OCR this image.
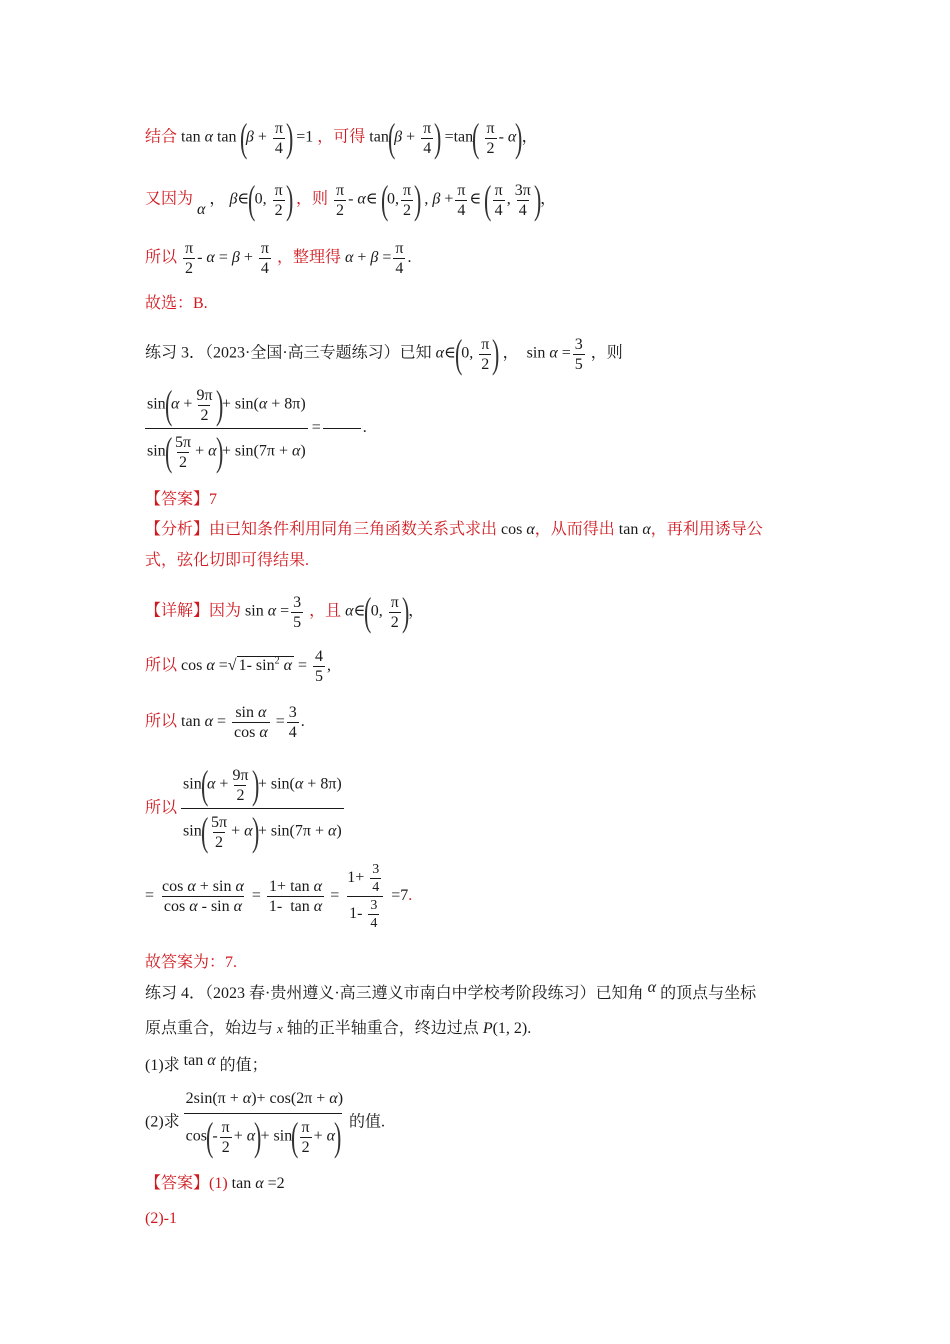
结合 tan α $\tan (\beta + \frac{\pi}{4}$ ) =1 ，可得 $\tan(\beta + \frac{\pi}{4}$ ) $=\tan( \frac{\pi}{2} - \alpha)$，
又因为 α ， β∈(0, $\frac{\pi}{2}$ ) ，则 $\frac{\pi}{2}$ - α∈ (0, $\frac{\pi}{2}$ ) , $\beta + \frac{\pi}{4}$ ∈ ( $\frac{\pi}{4}$ , $\frac{3\pi}{4}$ )，
所以 $\frac{\pi}{2} - \alpha = \beta + \frac{\pi}{4}$ ，整理得 $\alpha + \beta = \frac{\pi}{4}$ .
故选：B.
练习 3．（2023·全国·高三专题练习）已知 α∈(0, $\frac{\pi}{2}$ ) ，  $\sin \alpha = \frac{3}{5}$ ，则
$\frac{\sin(\alpha + \frac{9\pi}{2} )+ \sin(\alpha + 8\pi)}{\sin( \frac{5\pi}{2} + \alpha)+ \sin(7\pi + \alpha)}$ =	.
【答案】7
【分析】由已知条件利用同角三角函数关系式求出 cos α，从而得出 tan α，再利用诱导公
式，弦化切即可得结果.
【详解】因为 $\sin \alpha = \frac{3}{5}$ ，且 α∈(0, $\frac{\pi}{2}$ )，
所以 cos α =√ 1- $\sin^2 \alpha = \frac{4}{5}$ ,
所以 $\tan \alpha = \frac{\text{sin α}}{\text{cos α}} = \frac{3}{4}$ .
所以 $\frac{\sin(\alpha + \frac{9\pi}{2} )+ \sin(\alpha + 8\pi)}{\sin( \frac{5\pi}{2} + \alpha)+ \sin(7\pi + \alpha)}$
= $\frac{\text{cos α + sin α}}{\text{cos α - sin α}} = \frac{\text{1+ tan α}}{\text{1-  tan α}} = \frac{1+ \frac{3}{4}}{1- \frac{3}{4}} =7$.
故答案为：7.
练习 4．（2023 春·贵州遵义·高三遵义市南白中学校考阶段练习）已知角 α 的顶点与坐标
原点重合，始边与 x 轴的正半轴重合，终边过点 P(1, 2).
(1)求 tan α 的值；
(2)求 $\frac{2\sin(\pi + \alpha)+ \cos(2\pi + \alpha)}{\cos(- \frac{\pi}{2} + \alpha)+ \sin( \frac{\pi}{2} + \alpha)}$ 的值.
【答案】(1) tan α =2
(2)-1
